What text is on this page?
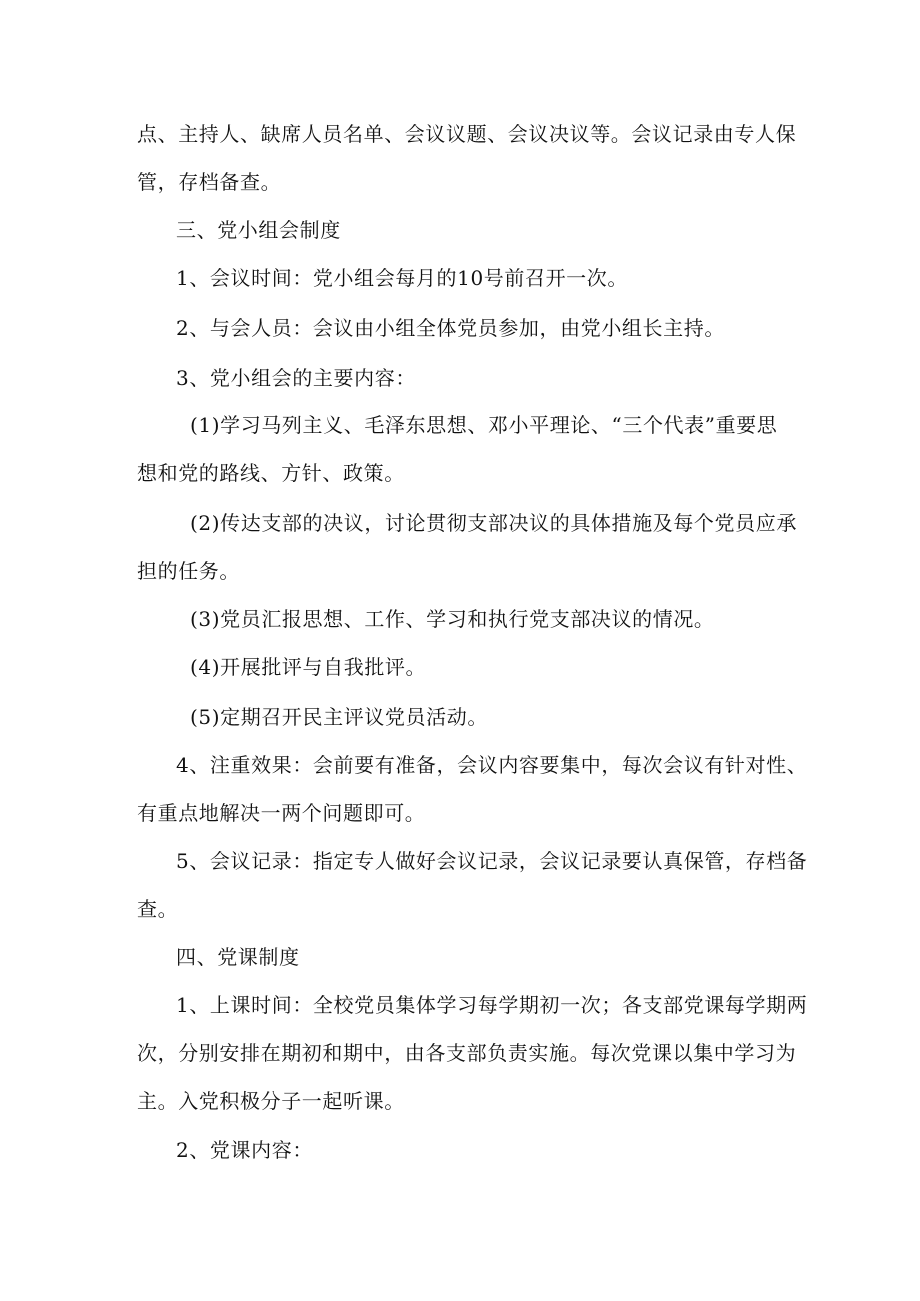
点、主持人、缺席人员名单、会议议题、会议决议等。会议记录由专人保
管，存档备查。
三、党小组会制度
1、会议时间：党小组会每月的10号前召开一次。
2、与会人员：会议由小组全体党员参加，由党小组长主持。
3、党小组会的主要内容：
(1)学习马列主义、毛泽东思想、邓小平理论、“三个代表”重要思
想和党的路线、方针、政策。
(2)传达支部的决议，讨论贯彻支部决议的具体措施及每个党员应承
担的任务。
(3)党员汇报思想、工作、学习和执行党支部决议的情况。
(4)开展批评与自我批评。
(5)定期召开民主评议党员活动。
4、注重效果：会前要有准备，会议内容要集中，每次会议有针对性、
有重点地解决一两个问题即可。
5、会议记录：指定专人做好会议记录，会议记录要认真保管，存档备
查。
四、党课制度
1、上课时间：全校党员集体学习每学期初一次；各支部党课每学期两
次，分别安排在期初和期中，由各支部负责实施。每次党课以集中学习为
主。入党积极分子一起听课。
2、党课内容：
